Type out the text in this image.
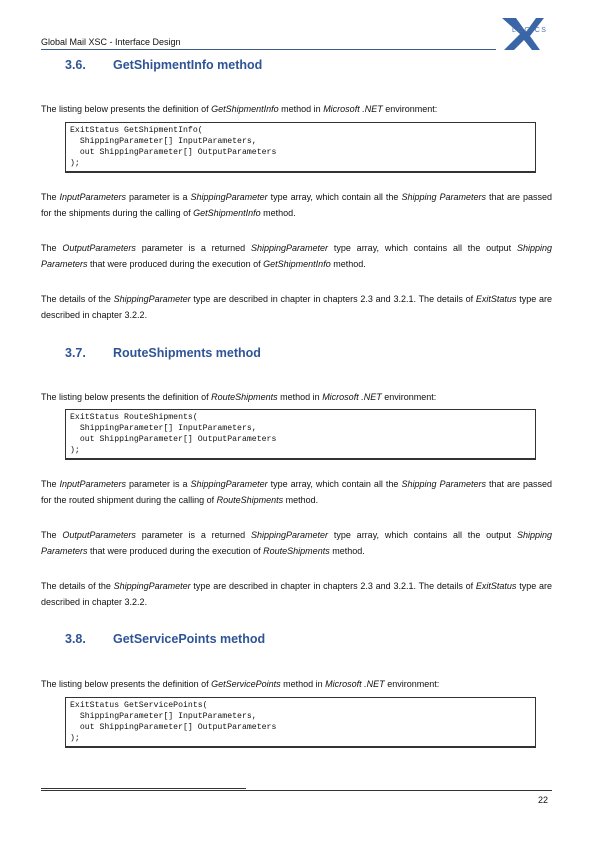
Global Mail XSC - Interface Design
LOGICS
3.6. GetShipmentInfo method
The listing below presents the definition of GetShipmentInfo method in Microsoft .NET environment:
ExitStatus GetShipmentInfo(
ShippingParameter[] InputParameters,
out ShippingParameter[] OutputParameters
);
The InputParameters parameter is a ShippingParameter type array, which contain all the Shipping Parameters that are passed for the shipments during the calling of GetShipmentInfo method.
The OutputParameters parameter is a returned ShippingParameter type array, which contains all the output Shipping Parameters that were produced during the execution of GetShipmentInfo method.
The details of the ShippingParameter type are described in chapter in chapters 2.3 and 3.2.1. The details of ExitStatus type are described in chapter 3.2.2.
3.7. RouteShipments method
The listing below presents the definition of RouteShipments method in Microsoft .NET environment:
ExitStatus RouteShipments(
ShippingParameter[] InputParameters,
out ShippingParameter[] OutputParameters
);
The InputParameters parameter is a ShippingParameter type array, which contain all the Shipping Parameters that are passed for the routed shipment during the calling of RouteShipments method.
The OutputParameters parameter is a returned ShippingParameter type array, which contains all the output Shipping Parameters that were produced during the execution of RouteShipments method.
The details of the ShippingParameter type are described in chapter in chapters 2.3 and 3.2.1. The details of ExitStatus type are described in chapter 3.2.2.
3.8. GetServicePoints method
The listing below presents the definition of GetServicePoints method in Microsoft .NET environment:
ExitStatus GetServicePoints(
ShippingParameter[] InputParameters,
out ShippingParameter[] OutputParameters
);
22
